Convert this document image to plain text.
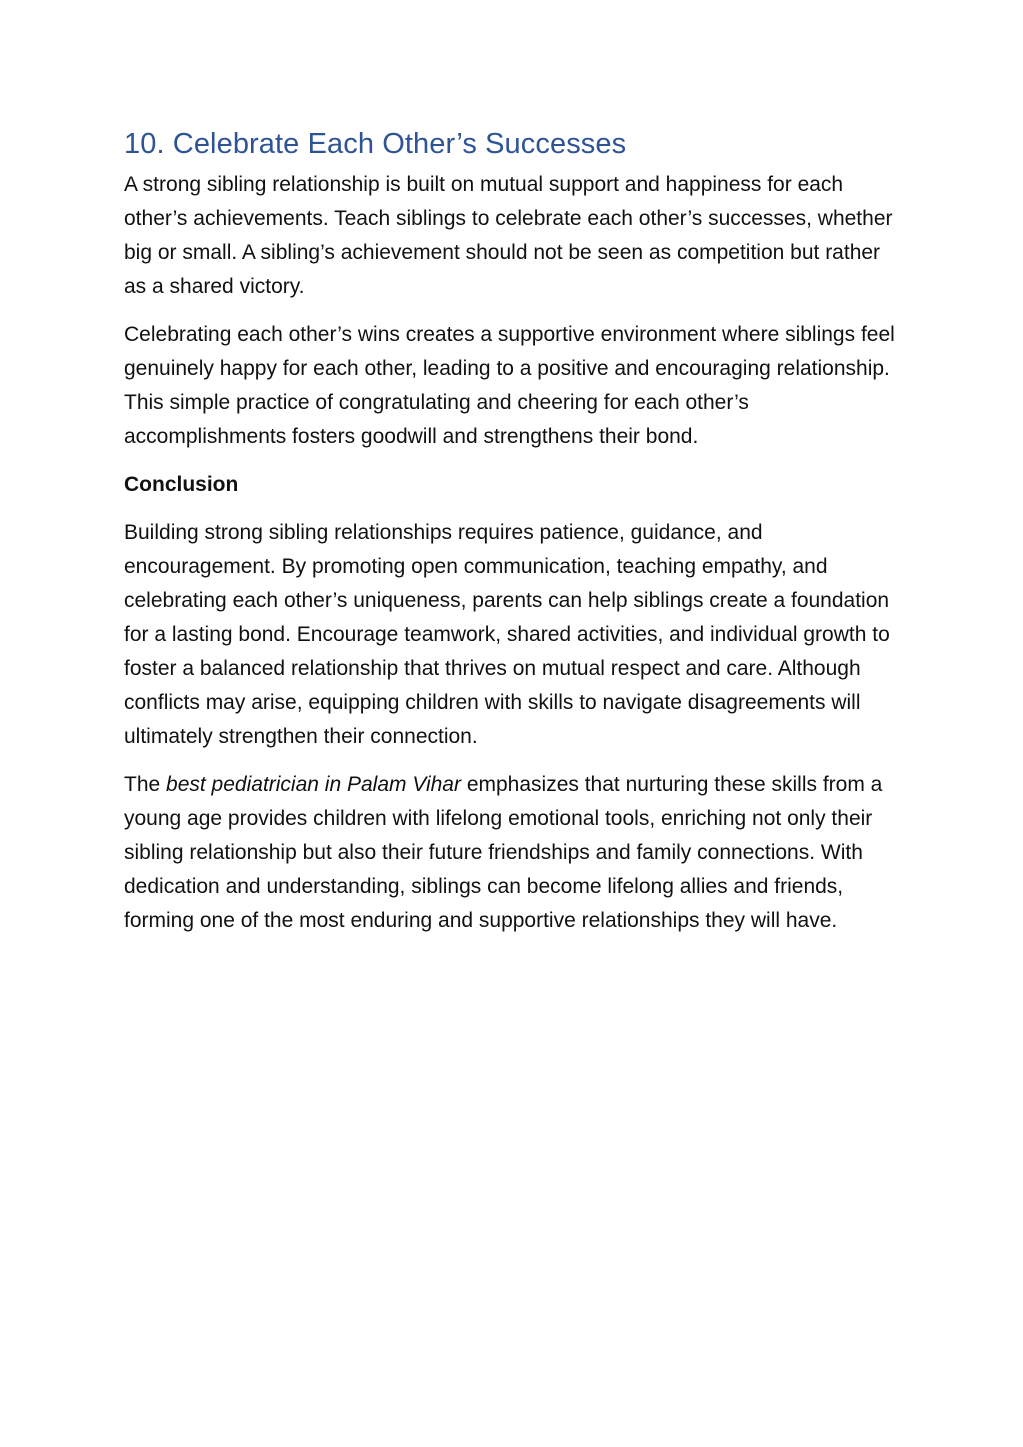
10. Celebrate Each Other’s Successes

A strong sibling relationship is built on mutual support and happiness for each other’s achievements. Teach siblings to celebrate each other’s successes, whether big or small. A sibling’s achievement should not be seen as competition but rather as a shared victory.

Celebrating each other’s wins creates a supportive environment where siblings feel genuinely happy for each other, leading to a positive and encouraging relationship. This simple practice of congratulating and cheering for each other’s accomplishments fosters goodwill and strengthens their bond.

Conclusion

Building strong sibling relationships requires patience, guidance, and encouragement. By promoting open communication, teaching empathy, and celebrating each other’s uniqueness, parents can help siblings create a foundation for a lasting bond. Encourage teamwork, shared activities, and individual growth to foster a balanced relationship that thrives on mutual respect and care. Although conflicts may arise, equipping children with skills to navigate disagreements will ultimately strengthen their connection.

The best pediatrician in Palam Vihar emphasizes that nurturing these skills from a young age provides children with lifelong emotional tools, enriching not only their sibling relationship but also their future friendships and family connections. With dedication and understanding, siblings can become lifelong allies and friends, forming one of the most enduring and supportive relationships they will have.
